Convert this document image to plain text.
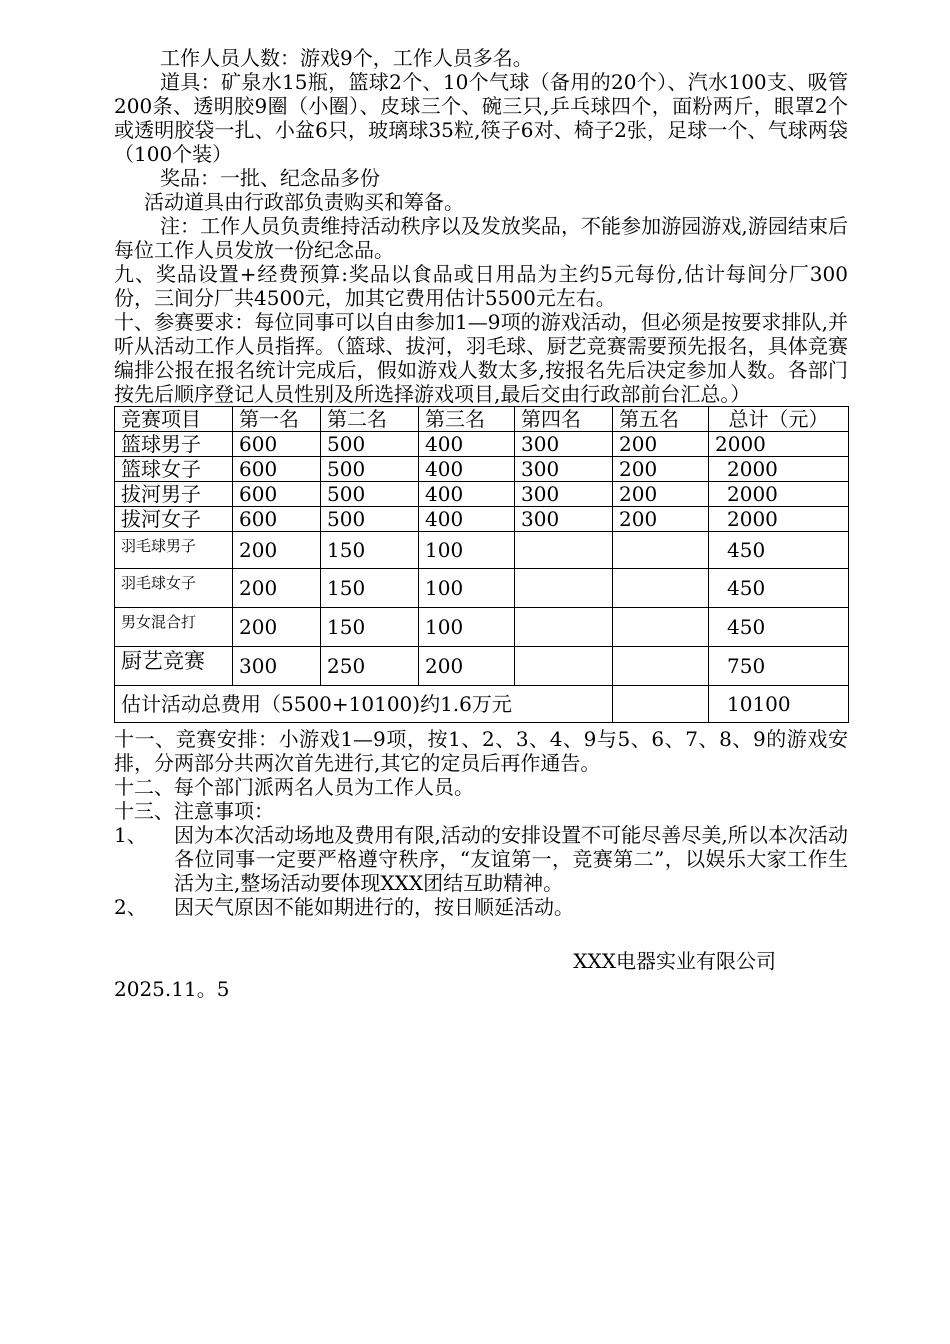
工作人员人数：游戏9个，工作人员多名。

道具：矿泉水15瓶，篮球2个、10个气球（备用的20个）、汽水100支、吸管200条、透明胶9圈（小圈）、皮球三个、碗三只,乒乓球四个，面粉两斤，眼罩2个或透明胶袋一扎、小盆6只，玻璃球35粒,筷子6对、椅子2张，足球一个、气球两袋（100个装）

奖品：一批、纪念品多份

活动道具由行政部负责购买和筹备。

注：工作人员负责维持活动秩序以及发放奖品，不能参加游园游戏,游园结束后每位工作人员发放一份纪念品。

九、奖品设置+经费预算:奖品以食品或日用品为主约5元每份,估计每间分厂300份，三间分厂共4500元，加其它费用估计5500元左右。

十、参赛要求：每位同事可以自由参加1—9项的游戏活动，但必须是按要求排队,并听从活动工作人员指挥。（篮球、拔河，羽毛球、厨艺竞赛需要预先报名，具体竞赛编排公报在报名统计完成后，假如游戏人数太多,按报名先后决定参加人数。各部门按先后顺序登记人员性别及所选择游戏项目,最后交由行政部前台汇总。）

竞赛项目	第一名	第二名	第三名	第四名	第五名	总计（元）
篮球男子	600	500	400	300	200	2000
篮球女子	600	500	400	300	200	2000
拔河男子	600	500	400	300	200	2000
拔河女子	600	500	400	300	200	2000
羽毛球男子	200	150	100			450
羽毛球女子	200	150	100			450
男女混合打	200	150	100			450
厨艺竞赛	300	250	200			750
估计活动总费用（5500+10100)约1.6万元						10100

十一、竞赛安排：小游戏1—9项，按1、2、3、4、9与5、6、7、8、9的游戏安排，分两部分共两次首先进行,其它的定员后再作通告。

十二、每个部门派两名人员为工作人员。

十三、注意事项：

1、	因为本次活动场地及费用有限,活动的安排设置不可能尽善尽美,所以本次活动各位同事一定要严格遵守秩序，“友谊第一，竞赛第二”，以娱乐大家工作生活为主,整场活动要体现XXX团结互助精神。

2、	因天气原因不能如期进行的，按日顺延活动。

XXX电器实业有限公司

2025.11。5
